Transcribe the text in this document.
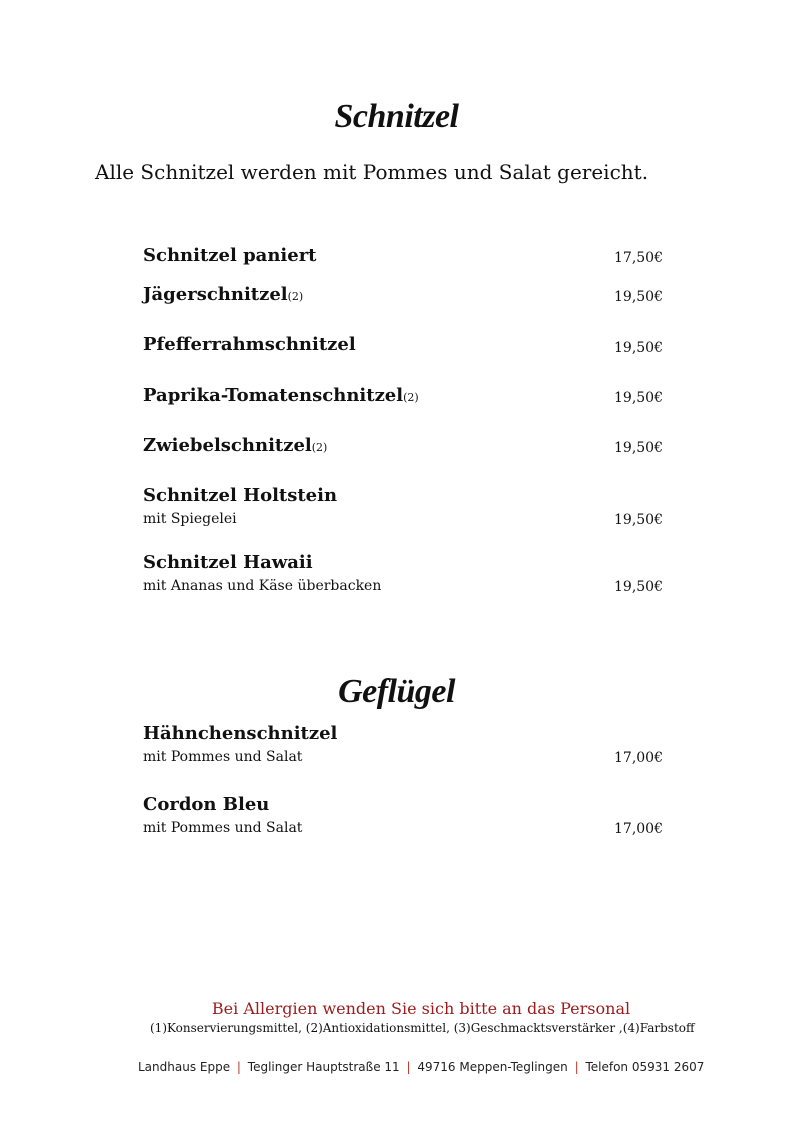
Schnitzel
Alle Schnitzel werden mit Pommes und Salat gereicht.
Schnitzel paniert	17,50€
Jägerschnitzel(2)	19,50€
Pfefferrahmschnitzel	19,50€
Paprika-Tomatenschnitzel(2)	19,50€
Zwiebelschnitzel(2)	19,50€
Schnitzel Holtstein
mit Spiegelei	19,50€
Schnitzel Hawaii
mit Ananas und Käse überbacken	19,50€
Geflügel
Hähnchenschnitzel
mit Pommes und Salat	17,00€
Cordon Bleu
mit Pommes und Salat	17,00€
Bei Allergien wenden Sie sich bitte an das Personal
(1)Konservierungsmittel, (2)Antioxidationsmittel, (3)Geschmacktsverstärker ,(4)Farbstoff
Landhaus Eppe | Teglinger Hauptstraße 11 | 49716 Meppen-Teglingen | Telefon 05931 2607
